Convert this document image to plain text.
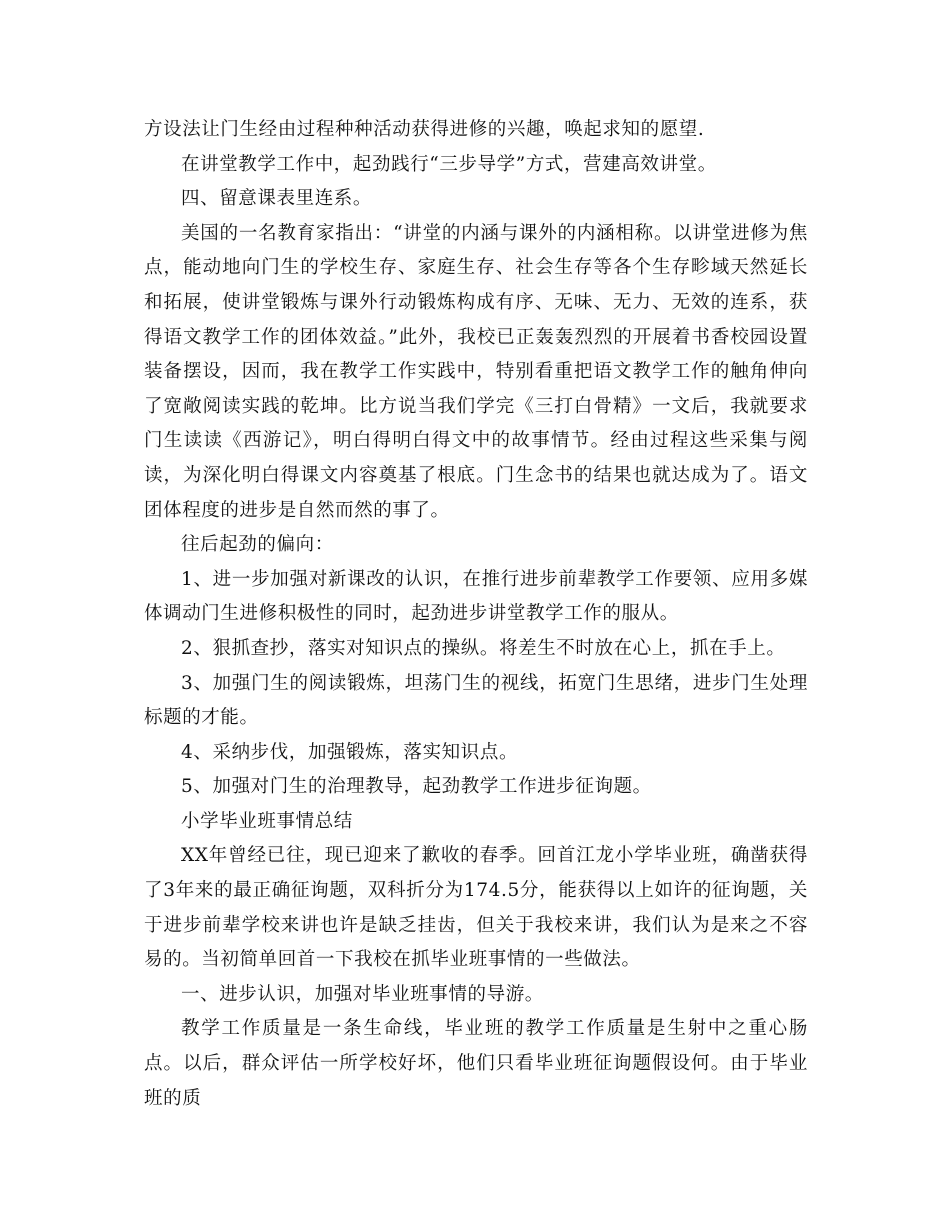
方设法让门生经由过程种种活动获得进修的兴趣，唤起求知的愿望.

在讲堂教学工作中，起劲践行“三步导学”方式，营建高效讲堂。

四、留意课表里连系。

美国的一名教育家指出：“讲堂的内涵与课外的内涵相称。以讲堂进修为焦点，能动地向门生的学校生存、家庭生存、社会生存等各个生存畛域天然延长和拓展，使讲堂锻炼与课外行动锻炼构成有序、无味、无力、无效的连系，获得语文教学工作的团体效益。”此外，我校已正轰轰烈烈的开展着书香校园设置装备摆设，因而，我在教学工作实践中，特别看重把语文教学工作的触角伸向了宽敞阅读实践的乾坤。比方说当我们学完《三打白骨精》一文后，我就要求门生读读《西游记》，明白得明白得文中的故事情节。经由过程这些采集与阅读，为深化明白得课文内容奠基了根底。门生念书的结果也就达成为了。语文团体程度的进步是自然而然的事了。

往后起劲的偏向：

1、进一步加强对新课改的认识，在推行进步前辈教学工作要领、应用多媒体调动门生进修积极性的同时，起劲进步讲堂教学工作的服从。

2、狠抓查抄，落实对知识点的操纵。将差生不时放在心上，抓在手上。

3、加强门生的阅读锻炼，坦荡门生的视线，拓宽门生思绪，进步门生处理标题的才能。

4、采纳步伐，加强锻炼，落实知识点。

5、加强对门生的治理教导，起劲教学工作进步征询题。

小学毕业班事情总结

XX年曾经已往，现已迎来了歉收的春季。回首江龙小学毕业班，确凿获得了3年来的最正确征询题，双科折分为174.5分，能获得以上如许的征询题，关于进步前辈学校来讲也许是缺乏挂齿，但关于我校来讲，我们认为是来之不容易的。当初简单回首一下我校在抓毕业班事情的一些做法。

一、进步认识，加强对毕业班事情的导游。

教学工作质量是一条生命线，毕业班的教学工作质量是生射中之重心肠点。以后，群众评估一所学校好坏，他们只看毕业班征询题假设何。由于毕业班的质
